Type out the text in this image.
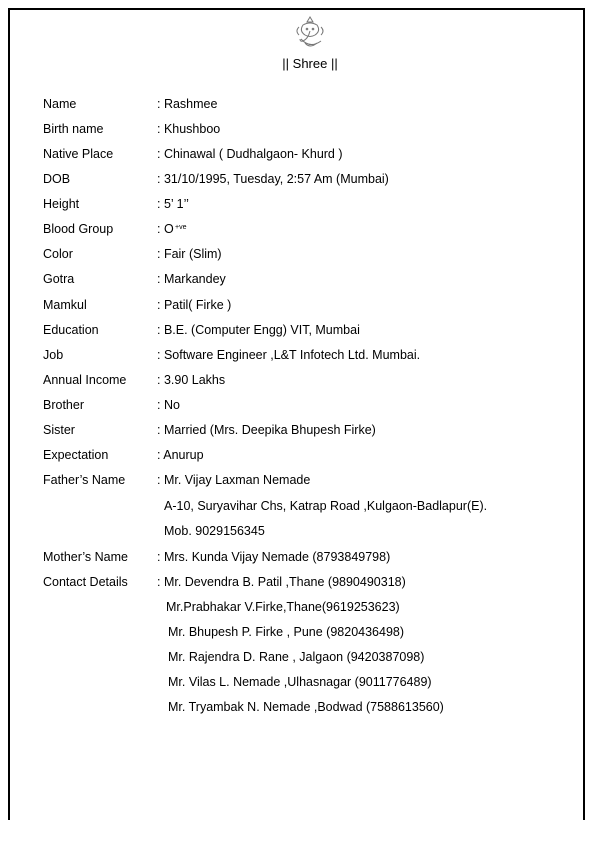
|| Shree ||
Name	: Rashmee
Birth name	: Khushboo
Native Place	: Chinawal ( Dudhalgaon- Khurd )
DOB	: 31/10/1995, Tuesday, 2:57 Am (Mumbai)
Height	: 5’ 1’’
Blood Group	: O +ve
Color	: Fair (Slim)
Gotra	: Markandey
Mamkul	: Patil( Firke )
Education	: B.E. (Computer Engg) VIT, Mumbai
Job	: Software Engineer ,L&T Infotech Ltd. Mumbai.
Annual Income : 3.90 Lakhs
Brother	: No
Sister	: Married (Mrs. Deepika Bhupesh Firke)
Expectation	: Anurup
Father’s Name	: Mr. Vijay Laxman Nemade
A-10, Suryavihar Chs, Katrap Road ,Kulgaon-Badlapur(E).
Mob. 9029156345
Mother’s Name : Mrs. Kunda Vijay Nemade (8793849798)
Contact Details : Mr. Devendra B. Patil ,Thane (9890490318)
Mr.Prabhakar V.Firke,Thane(9619253623)
Mr. Bhupesh P. Firke , Pune (9820436498)
Mr. Rajendra D. Rane , Jalgaon (9420387098)
Mr. Vilas L. Nemade ,Ulhasnagar (9011776489)
Mr. Tryambak N. Nemade ,Bodwad (7588613560)
